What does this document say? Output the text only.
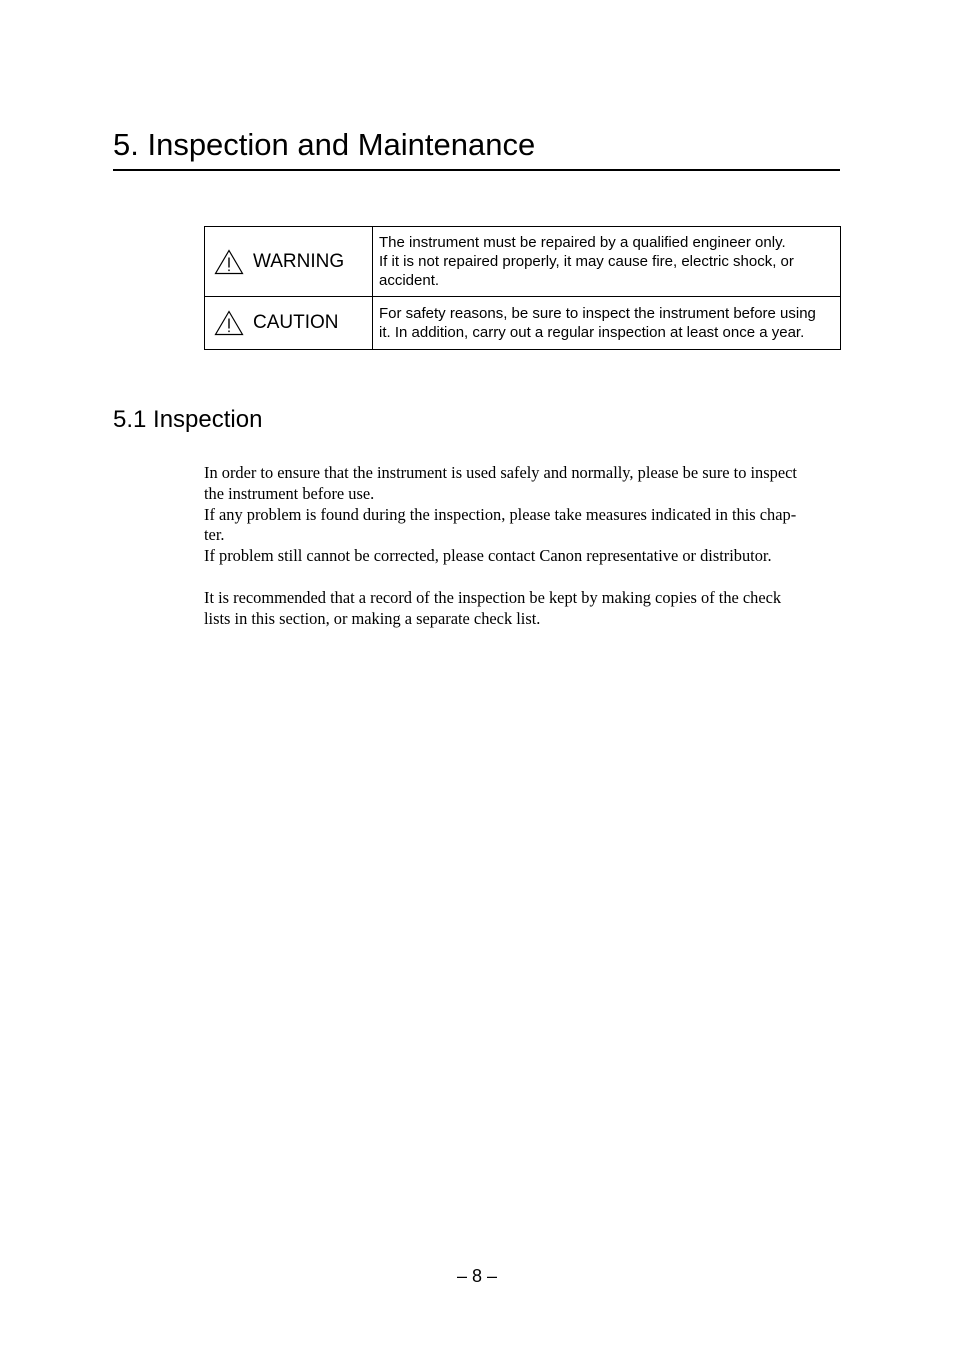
5. Inspection and Maintenance
WARNING	The instrument must be repaired by a qualified engineer only.
If it is not repaired properly, it may cause fire, electric shock, or
accident.

CAUTION	For safety reasons, be sure to inspect the instrument before using
it. In addition, carry out a regular inspection at least once a year.
5.1 Inspection
In order to ensure that the instrument is used safely and normally, please be sure to inspect
the instrument before use.
If any problem is found during the inspection, please take measures indicated in this chap-
ter.
If problem still cannot be corrected, please contact Canon representative or distributor.
It is recommended that a record of the inspection be kept by making copies of the check
lists in this section, or making a separate check list.
– 8 –
